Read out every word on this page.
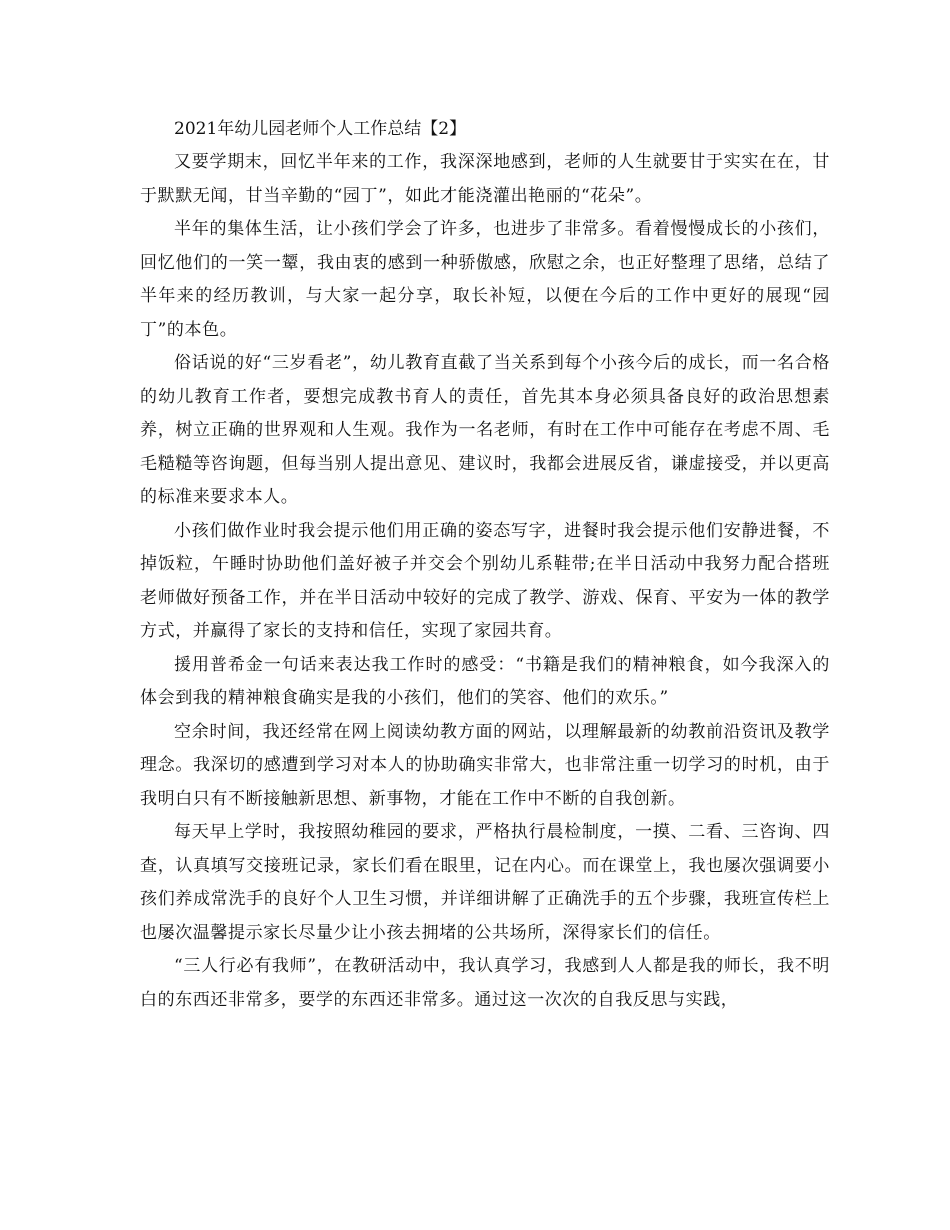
2021年幼儿园老师个人工作总结【2】

又要学期末，回忆半年来的工作，我深深地感到，老师的人生就要甘于实实在在，甘于默默无闻，甘当辛勤的“园丁”，如此才能浇灌出艳丽的“花朵”。

半年的集体生活，让小孩们学会了许多，也进步了非常多。看着慢慢成长的小孩们，回忆他们的一笑一颦，我由衷的感到一种骄傲感，欣慰之余，也正好整理了思绪，总结了半年来的经历教训，与大家一起分享，取长补短，以便在今后的工作中更好的展现“园丁”的本色。

俗话说的好“三岁看老”，幼儿教育直截了当关系到每个小孩今后的成长，而一名合格的幼儿教育工作者，要想完成教书育人的责任，首先其本身必须具备良好的政治思想素养，树立正确的世界观和人生观。我作为一名老师，有时在工作中可能存在考虑不周、毛毛糙糙等咨询题，但每当别人提出意见、建议时，我都会进展反省，谦虚接受，并以更高的标准来要求本人。

小孩们做作业时我会提示他们用正确的姿态写字，进餐时我会提示他们安静进餐，不掉饭粒，午睡时协助他们盖好被子并交会个别幼儿系鞋带;在半日活动中我努力配合搭班老师做好预备工作，并在半日活动中较好的完成了教学、游戏、保育、平安为一体的教学方式，并赢得了家长的支持和信任，实现了家园共育。

援用普希金一句话来表达我工作时的感受：“书籍是我们的精神粮食，如今我深入的体会到我的精神粮食确实是我的小孩们，他们的笑容、他们的欢乐。”

空余时间，我还经常在网上阅读幼教方面的网站，以理解最新的幼教前沿资讯及教学理念。我深切的感遭到学习对本人的协助确实非常大，也非常注重一切学习的时机，由于我明白只有不断接触新思想、新事物，才能在工作中不断的自我创新。

每天早上学时，我按照幼稚园的要求，严格执行晨检制度，一摸、二看、三咨询、四查，认真填写交接班记录，家长们看在眼里，记在内心。而在课堂上，我也屡次强调要小孩们养成常洗手的良好个人卫生习惯，并详细讲解了正确洗手的五个步骤，我班宣传栏上也屡次温馨提示家长尽量少让小孩去拥堵的公共场所，深得家长们的信任。

“三人行必有我师”，在教研活动中，我认真学习，我感到人人都是我的师长，我不明白的东西还非常多，要学的东西还非常多。通过这一次次的自我反思与实践，
